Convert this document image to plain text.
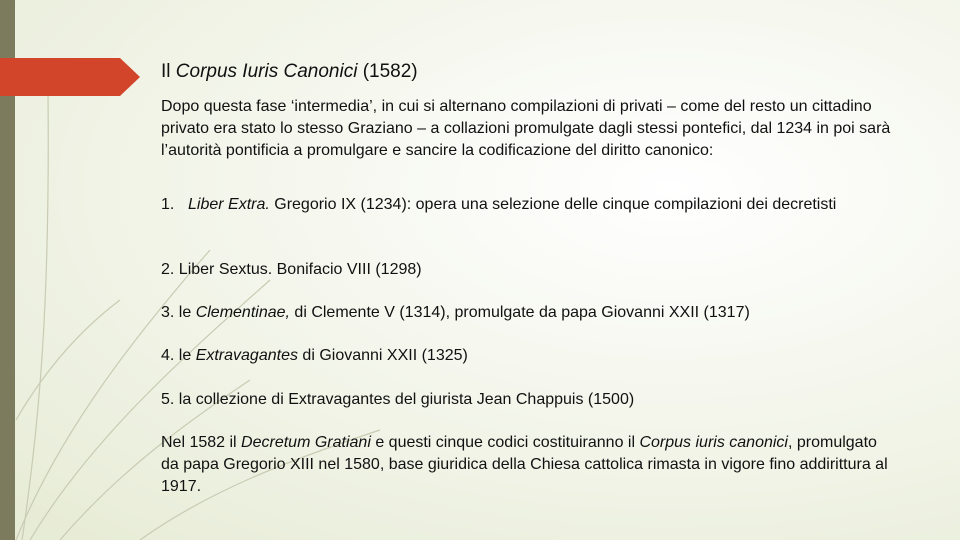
Il Corpus Iuris Canonici (1582)

Dopo questa fase ‘intermedia’, in cui si alternano compilazioni di privati – come del resto un cittadino privato era stato lo stesso Graziano – a collazioni promulgate dagli stessi pontefici, dal 1234 in poi sarà l’autorità pontificia a promulgare e sancire la codificazione del diritto canonico:

1. Liber Extra. Gregorio IX (1234): opera una selezione delle cinque compilazioni dei decretisti

2. Liber Sextus. Bonifacio VIII (1298)

3. le Clementinae, di Clemente V (1314), promulgate da papa Giovanni XXII (1317)

4. le Extravagantes di Giovanni XXII (1325)

5. la collezione di Extravagantes del giurista Jean Chappuis (1500)

Nel 1582 il Decretum Gratiani e questi cinque codici costituiranno il Corpus iuris canonici, promulgato da papa Gregorio XIII nel 1580, base giuridica della Chiesa cattolica rimasta in vigore fino addirittura al 1917.
